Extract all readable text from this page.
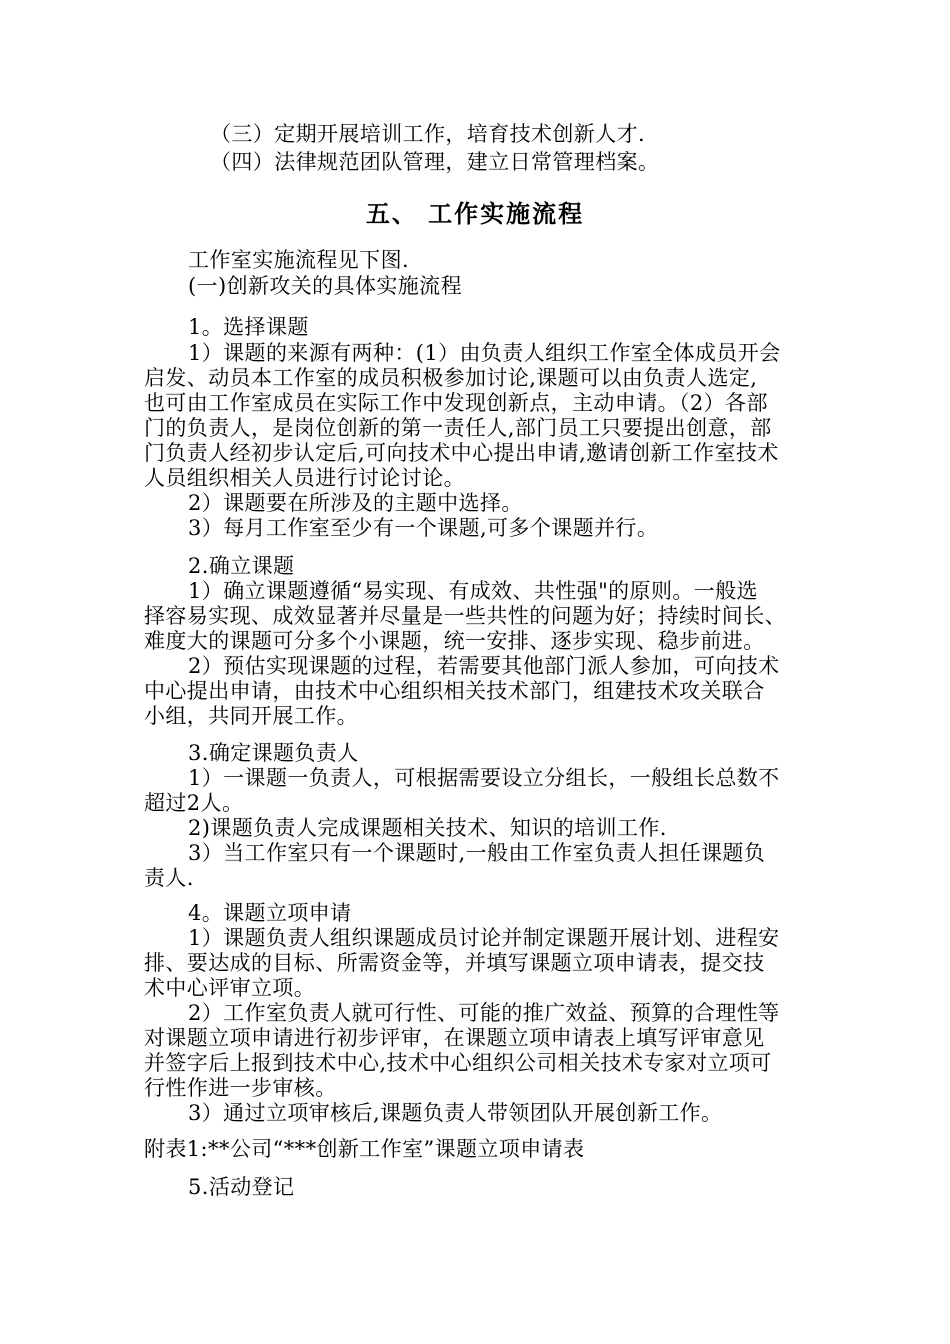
（三）定期开展培训工作，培育技术创新人才.
（四）法律规范团队管理，建立日常管理档案。
五、 工作实施流程
工作室实施流程见下图.
(一)创新攻关的具体实施流程
1。选择课题
1）课题的来源有两种：(1）由负责人组织工作室全体成员开会
启发、动员本工作室的成员积极参加讨论,课题可以由负责人选定,
也可由工作室成员在实际工作中发现创新点，主动申请。（2）各部
门的负责人，是岗位创新的第一责任人,部门员工只要提出创意，部
门负责人经初步认定后,可向技术中心提出申请,邀请创新工作室技术
人员组织相关人员进行讨论讨论。
2）课题要在所涉及的主题中选择。
3）每月工作室至少有一个课题,可多个课题并行。
2.确立课题
1）确立课题遵循“易实现、有成效、共性强"的原则。一般选
择容易实现、成效显著并尽量是一些共性的问题为好；持续时间长、
难度大的课题可分多个小课题，统一安排、逐步实现、稳步前进。
2）预估实现课题的过程，若需要其他部门派人参加，可向技术
中心提出申请，由技术中心组织相关技术部门，组建技术攻关联合
小组，共同开展工作。
3.确定课题负责人
1）一课题一负责人，可根据需要设立分组长，一般组长总数不
超过2人。
2)课题负责人完成课题相关技术、知识的培训工作.
3）当工作室只有一个课题时,一般由工作室负责人担任课题负
责人.
4。课题立项申请
1）课题负责人组织课题成员讨论并制定课题开展计划、进程安
排、要达成的目标、所需资金等，并填写课题立项申请表，提交技
术中心评审立项。
2）工作室负责人就可行性、可能的推广效益、预算的合理性等
对课题立项申请进行初步评审，在课题立项申请表上填写评审意见
并签字后上报到技术中心,技术中心组织公司相关技术专家对立项可
行性作进一步审核。
3）通过立项审核后,课题负责人带领团队开展创新工作。
附表1:**公司“***创新工作室”课题立项申请表
5.活动登记
